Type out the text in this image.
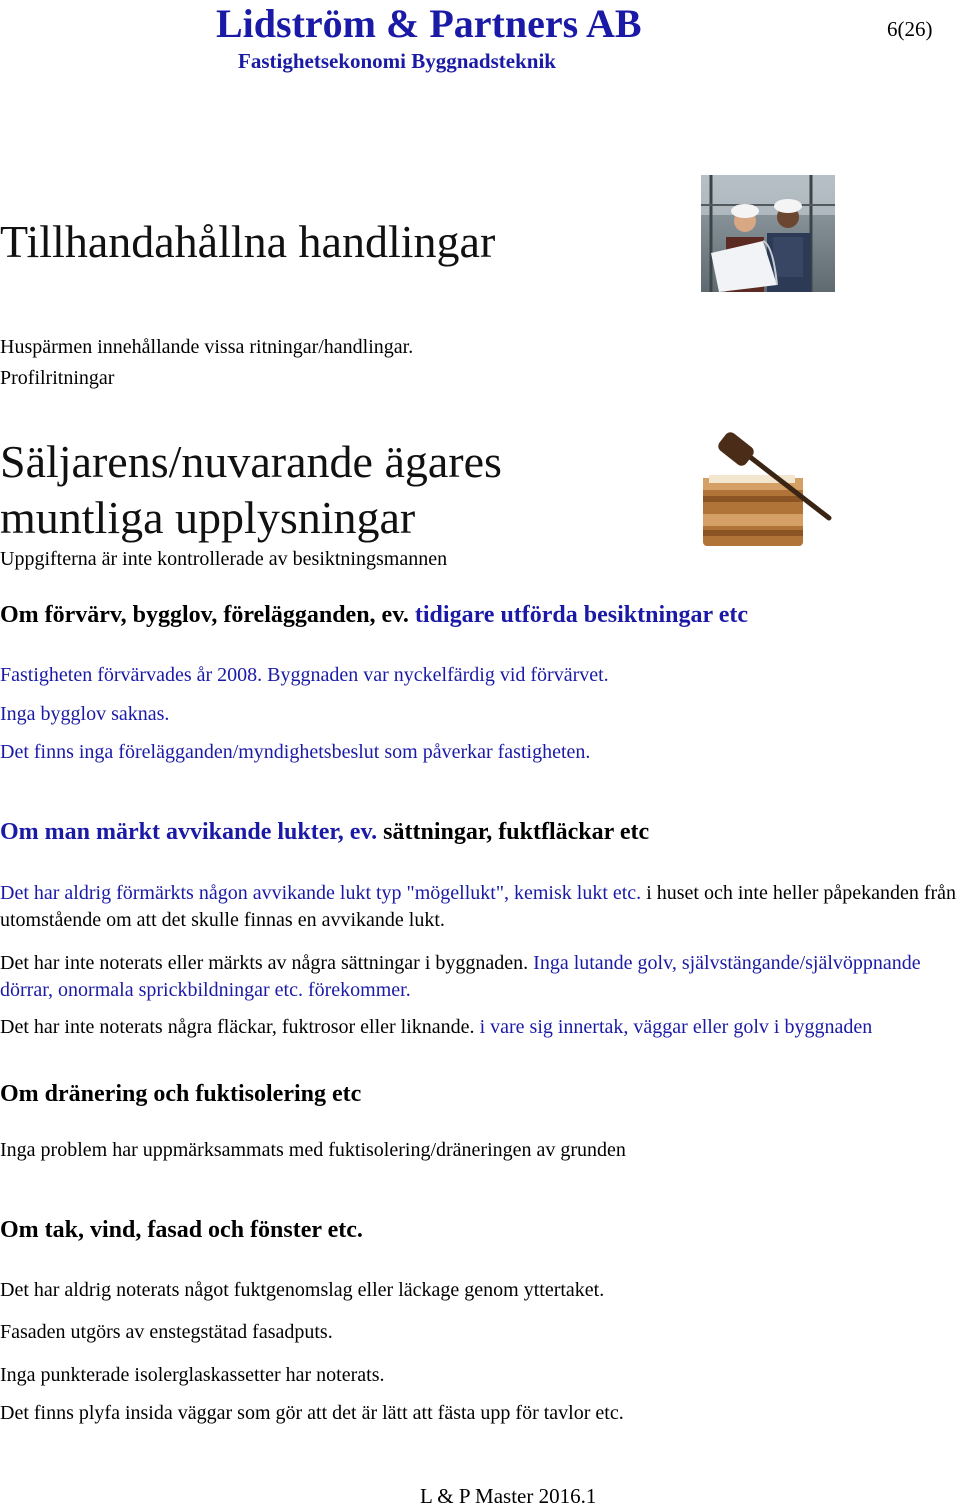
Lidström & Partners AB
Fastighetsekonomi Byggnadsteknik
6(26)
Tillhandahållna handlingar
Huspärmen innehållande vissa ritningar/handlingar.
Profilritningar
Säljarens/nuvarande ägares
muntliga upplysningar
Uppgifterna är inte kontrollerade av besiktningsmannen
Om förvärv, bygglov, förelägganden, ev. tidigare utförda besiktningar etc
Fastigheten förvärvades år 2008. Byggnaden var nyckelfärdig vid förvärvet.
Inga bygglov saknas.
Det finns inga förelägganden/myndighetsbeslut som påverkar fastigheten.
Om man märkt avvikande lukter, ev. sättningar, fuktfläckar etc
Det har aldrig förmärkts någon avvikande lukt typ "mögellukt", kemisk lukt etc. i huset och inte heller påpekanden från utomstående om att det skulle finnas en avvikande lukt.
Det har inte noterats eller märkts av några sättningar i byggnaden. Inga lutande golv, självstängande/självöppnande dörrar, onormala sprickbildningar etc. förekommer.
Det har inte noterats några fläckar, fuktrosor eller liknande. i vare sig innertak, väggar eller golv i byggnaden
Om dränering och fuktisolering etc
Inga problem har uppmärksammats med fuktisolering/dräneringen av grunden
Om tak, vind, fasad och fönster etc.
Det har aldrig noterats något fuktgenomslag eller läckage genom yttertaket.
Fasaden utgörs av enstegstätad fasadputs.
Inga punkterade isolerglaskassetter har noterats.
Det finns plyfa insida väggar som gör att det är lätt att fästa upp för tavlor etc.
L & P Master 2016.1
